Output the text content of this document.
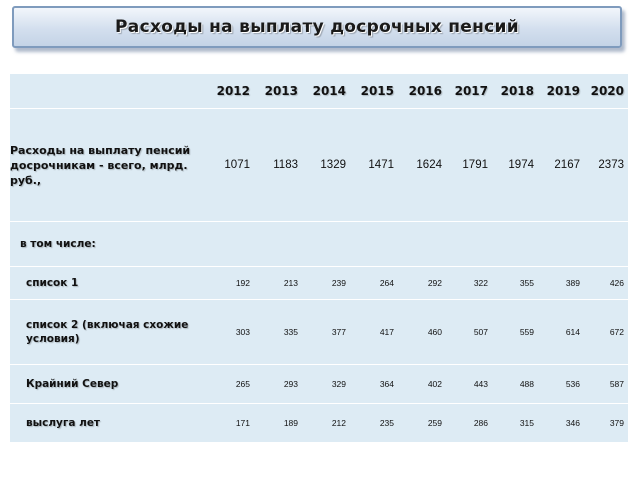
Расходы на выплату досрочных пенсий
	2012	2013	2014	2015	2016	2017	2018	2019	2020
Расходы на выплату пенсий досрочникам - всего, млрд. руб.,	1071	1183	1329	1471	1624	1791	1974	2167	2373
в том числе:									
список 1	192	213	239	264	292	322	355	389	426
список 2 (включая схожие условия)	303	335	377	417	460	507	559	614	672
Крайний Север	265	293	329	364	402	443	488	536	587
выслуга лет	171	189	212	235	259	286	315	346	379
